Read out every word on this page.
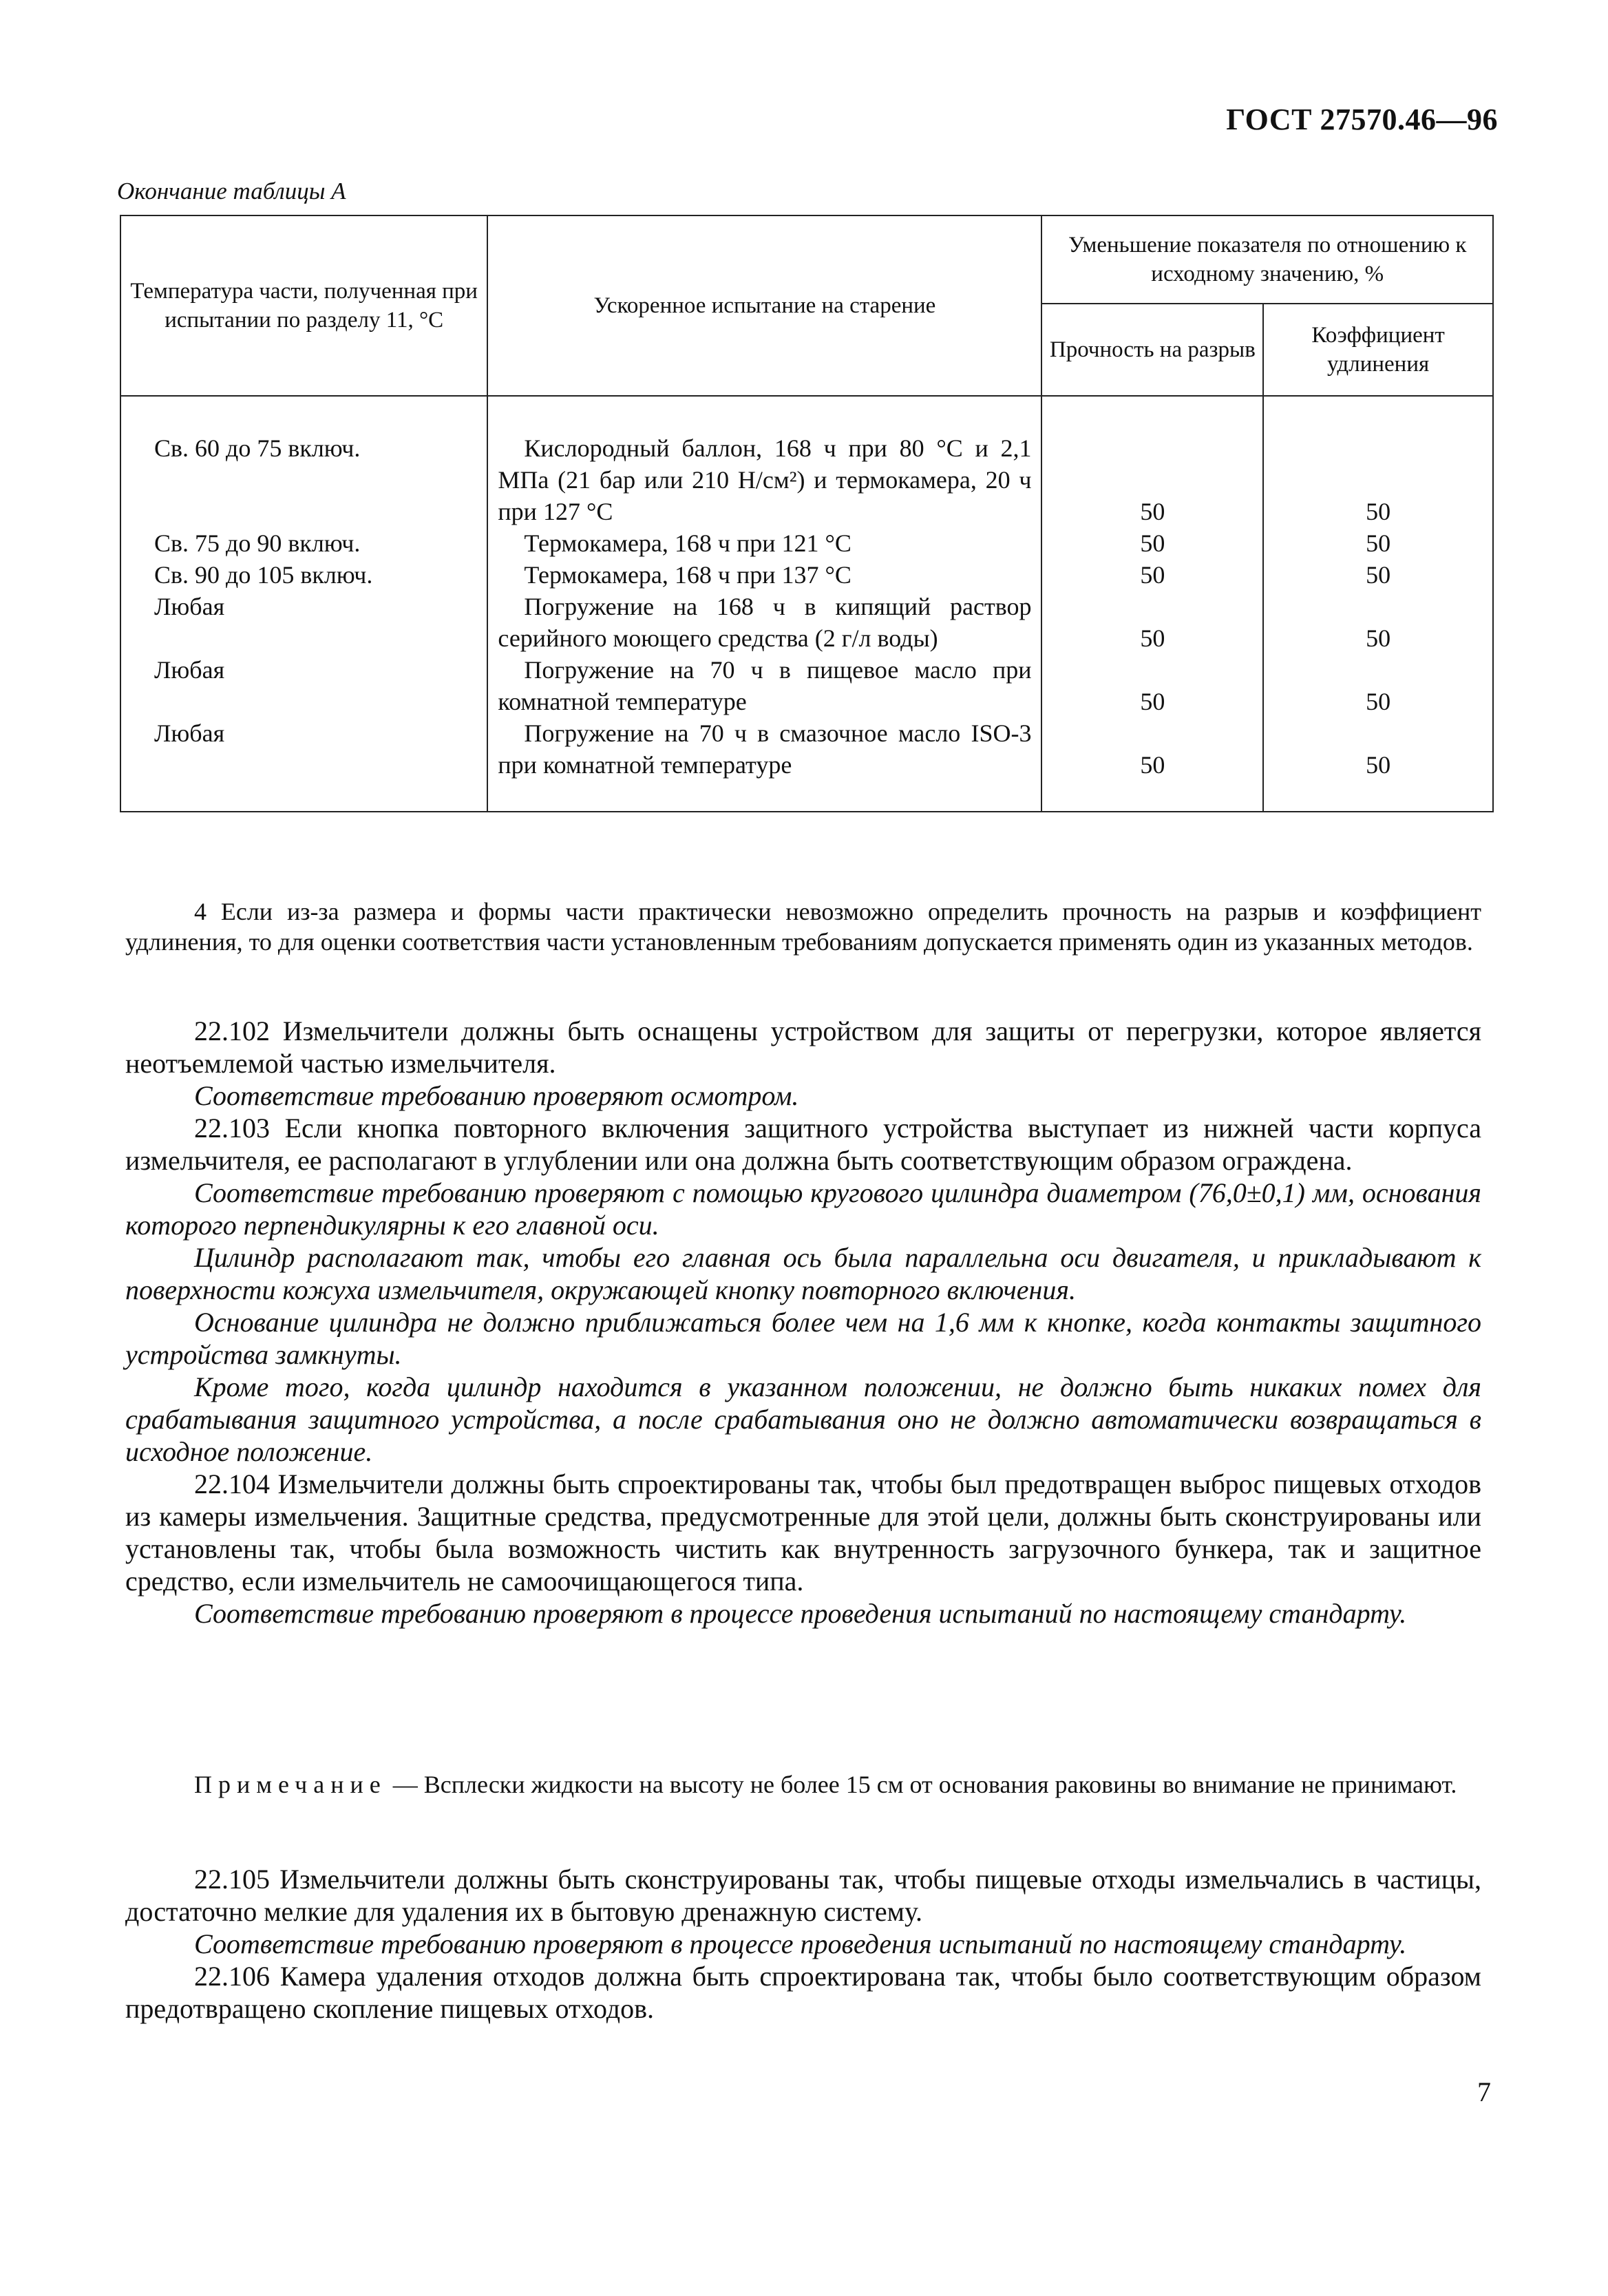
ГОСТ 27570.46—96
Окончание таблицы А
Температура части, полученная при испытании по разделу 11, °С	Ускоренное испытание на старение	Уменьшение показателя по отношению к исходному значению, %	
		Прочность на разрыв	Коэффициент удлинения
Св. 60 до 75 включ.	Кислородный баллон, 168 ч при 80 °С и 2,1 МПа (21 бар или 210 Н/см²) и термокамера, 20 ч при 127 °С	50	50
Св. 75 до 90 включ.	Термокамера, 168 ч при 121 °С	50	50
Св. 90 до 105 включ.	Термокамера, 168 ч при 137 °С	50	50
Любая	Погружение на 168 ч в кипящий раствор серийного моющего средства (2 г/л воды)	50	50
Любая	Погружение на 70 ч в пищевое масло при комнатной температуре	50	50
Любая	Погружение на 70 ч в смазочное масло ISO-3 при комнатной температуре	50	50

4 Если из-за размера и формы части практически невозможно определить прочность на разрыв и коэффициент удлинения, то для оценки соответствия части установленным требованиям допускается применять один из указанных методов.

22.102 Измельчители должны быть оснащены устройством для защиты от перегрузки, которое является неотъемлемой частью измельчителя.

Соответствие требованию проверяют осмотром.

22.103 Если кнопка повторного включения защитного устройства выступает из нижней части корпуса измельчителя, ее располагают в углублении или она должна быть соответствующим образом ограждена.

Соответствие требованию проверяют с помощью кругового цилиндра диаметром (76,0±0,1) мм, основания которого перпендикулярны к его главной оси.

Цилиндр располагают так, чтобы его главная ось была параллельна оси двигателя, и прикладывают к поверхности кожуха измельчителя, окружающей кнопку повторного включения.

Основание цилиндра не должно приближаться более чем на 1,6 мм к кнопке, когда контакты защитного устройства замкнуты.

Кроме того, когда цилиндр находится в указанном положении, не должно быть никаких помех для срабатывания защитного устройства, а после срабатывания оно не должно автоматически возвращаться в исходное положение.

22.104 Измельчители должны быть спроектированы так, чтобы был предотвращен выброс пищевых отходов из камеры измельчения. Защитные средства, предусмотренные для этой цели, должны быть сконструированы или установлены так, чтобы была возможность чистить как внутренность загрузочного бункера, так и защитное средство, если измельчитель не самоочищающегося типа.

Соответствие требованию проверяют в процессе проведения испытаний по настоящему стандарту.

Примечание — Всплески жидкости на высоту не более 15 см от основания раковины во внимание не принимают.

22.105 Измельчители должны быть сконструированы так, чтобы пищевые отходы измельчались в частицы, достаточно мелкие для удаления их в бытовую дренажную систему.

Соответствие требованию проверяют в процессе проведения испытаний по настоящему стандарту.

22.106 Камера удаления отходов должна быть спроектирована так, чтобы было соответствующим образом предотвращено скопление пищевых отходов.

7
